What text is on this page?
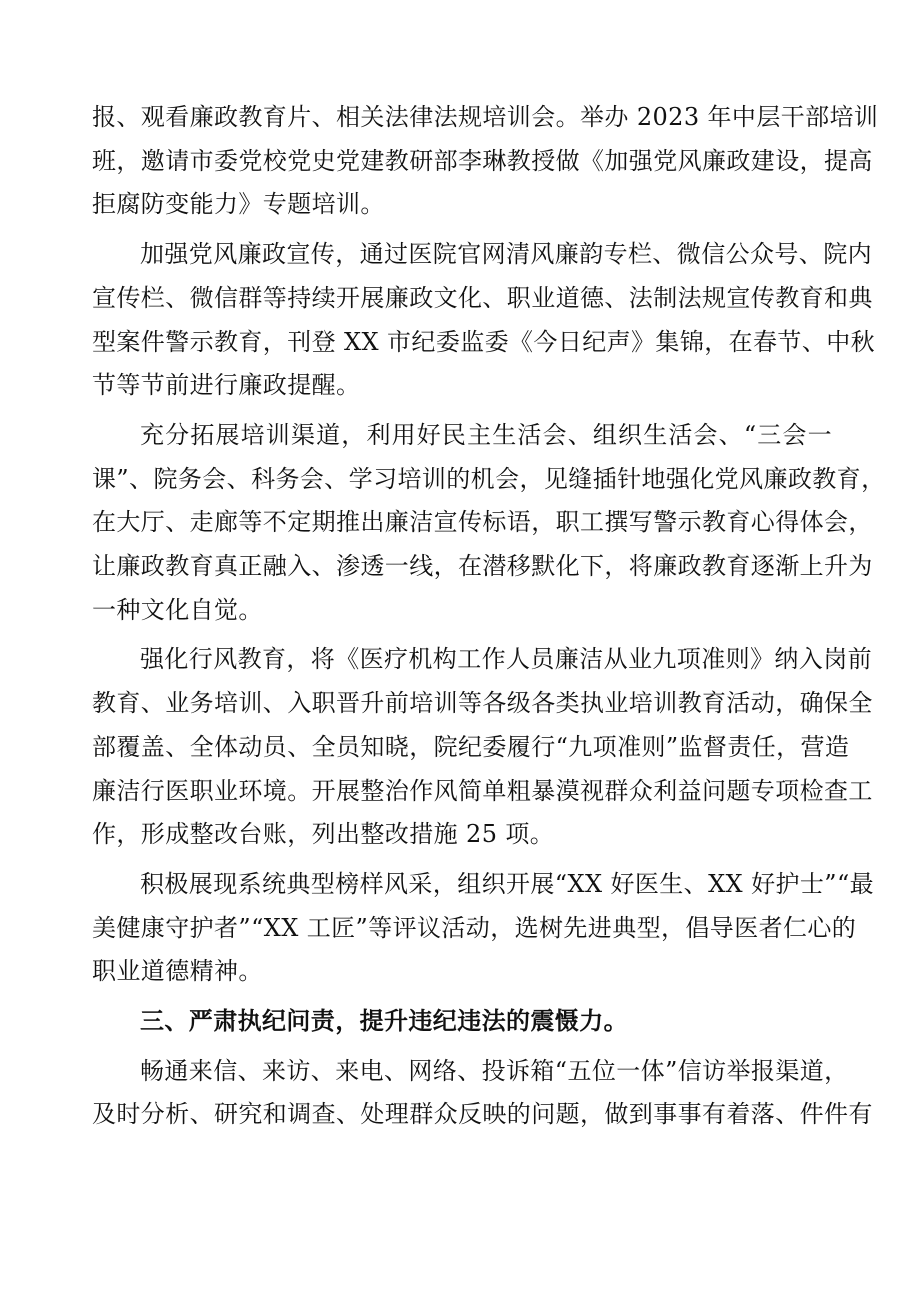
报、观看廉政教育片、相关法律法规培训会。举办 2023 年中层干部培训
班，邀请市委党校党史党建教研部李琳教授做《加强党风廉政建设，提高
拒腐防变能力》专题培训。

加强党风廉政宣传，通过医院官网清风廉韵专栏、微信公众号、院内
宣传栏、微信群等持续开展廉政文化、职业道德、法制法规宣传教育和典
型案件警示教育，刊登 XX 市纪委监委《今日纪声》集锦，在春节、中秋
节等节前进行廉政提醒。

充分拓展培训渠道，利用好民主生活会、组织生活会、“三会一
课”、院务会、科务会、学习培训的机会，见缝插针地强化党风廉政教育，
在大厅、走廊等不定期推出廉洁宣传标语，职工撰写警示教育心得体会，
让廉政教育真正融入、渗透一线，在潜移默化下，将廉政教育逐渐上升为
一种文化自觉。

强化行风教育，将《医疗机构工作人员廉洁从业九项准则》纳入岗前
教育、业务培训、入职晋升前培训等各级各类执业培训教育活动，确保全
部覆盖、全体动员、全员知晓，院纪委履行“九项准则”监督责任，营造
廉洁行医职业环境。开展整治作风简单粗暴漠视群众利益问题专项检查工
作，形成整改台账，列出整改措施 25 项。

积极展现系统典型榜样风采，组织开展“XX 好医生、XX 好护士”“最
美健康守护者”“XX 工匠”等评议活动，选树先进典型，倡导医者仁心的
职业道德精神。

三、严肃执纪问责，提升违纪违法的震慑力。

畅通来信、来访、来电、网络、投诉箱“五位一体”信访举报渠道，
及时分析、研究和调查、处理群众反映的问题，做到事事有着落、件件有
